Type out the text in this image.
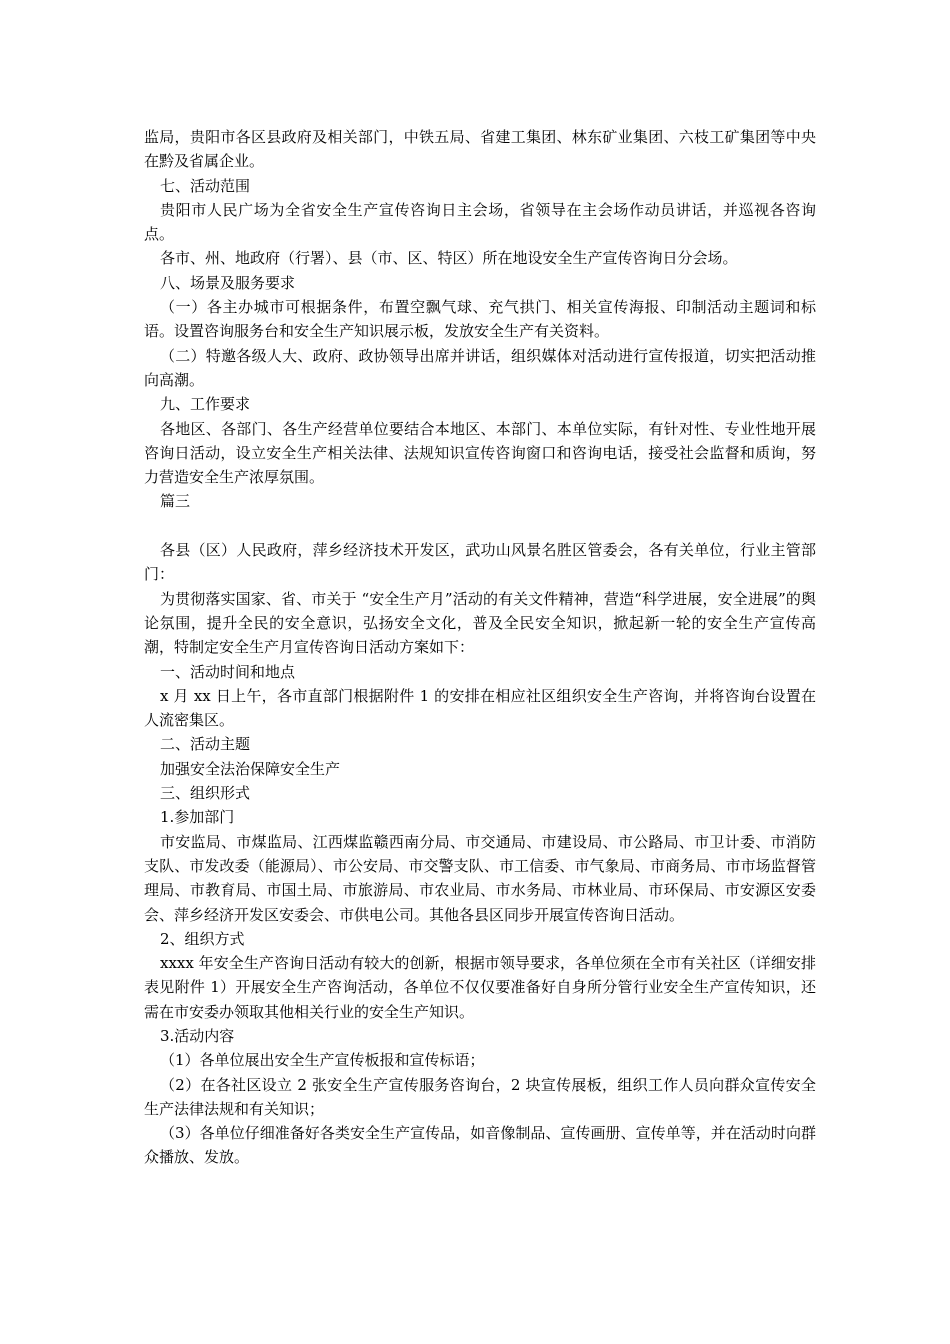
监局，贵阳市各区县政府及相关部门，中铁五局、省建工集团、林东矿业集团、六枝工矿集团等中央在黔及省属企业。

七、活动范围

贵阳市人民广场为全省安全生产宣传咨询日主会场，省领导在主会场作动员讲话，并巡视各咨询点。

各市、州、地政府（行署）、县（市、区、特区）所在地设安全生产宣传咨询日分会场。

八、场景及服务要求

（一）各主办城市可根据条件，布置空飘气球、充气拱门、相关宣传海报、印制活动主题词和标语。设置咨询服务台和安全生产知识展示板，发放安全生产有关资料。

（二）特邀各级人大、政府、政协领导出席并讲话，组织媒体对活动进行宣传报道，切实把活动推向高潮。

九、工作要求

各地区、各部门、各生产经营单位要结合本地区、本部门、本单位实际，有针对性、专业性地开展咨询日活动，设立安全生产相关法律、法规知识宣传咨询窗口和咨询电话，接受社会监督和质询，努力营造安全生产浓厚氛围。

篇三

各县（区）人民政府，萍乡经济技术开发区，武功山风景名胜区管委会，各有关单位，行业主管部门：

为贯彻落实国家、省、市关于 “安全生产月”活动的有关文件精神，营造“科学进展，安全进展”的舆论氛围，提升全民的安全意识，弘扬安全文化，普及全民安全知识，掀起新一轮的安全生产宣传高潮，特制定安全生产月宣传咨询日活动方案如下：

一、活动时间和地点

x 月 xx 日上午，各市直部门根据附件 1 的安排在相应社区组织安全生产咨询，并将咨询台设置在人流密集区。

二、活动主题

加强安全法治保障安全生产

三、组织形式

1.参加部门

市安监局、市煤监局、江西煤监赣西南分局、市交通局、市建设局、市公路局、市卫计委、市消防支队、市发改委（能源局）、市公安局、市交警支队、市工信委、市气象局、市商务局、市市场监督管理局、市教育局、市国土局、市旅游局、市农业局、市水务局、市林业局、市环保局、市安源区安委会、萍乡经济开发区安委会、市供电公司。其他各县区同步开展宣传咨询日活动。

2、组织方式

xxxx 年安全生产咨询日活动有较大的创新，根据市领导要求，各单位须在全市有关社区（详细安排表见附件 1）开展安全生产咨询活动，各单位不仅仅要准备好自身所分管行业安全生产宣传知识，还需在市安委办领取其他相关行业的安全生产知识。

3.活动内容

（1）各单位展出安全生产宣传板报和宣传标语；

（2）在各社区设立 2 张安全生产宣传服务咨询台，2 块宣传展板，组织工作人员向群众宣传安全生产法律法规和有关知识；

（3）各单位仔细准备好各类安全生产宣传品，如音像制品、宣传画册、宣传单等，并在活动时向群众播放、发放。
